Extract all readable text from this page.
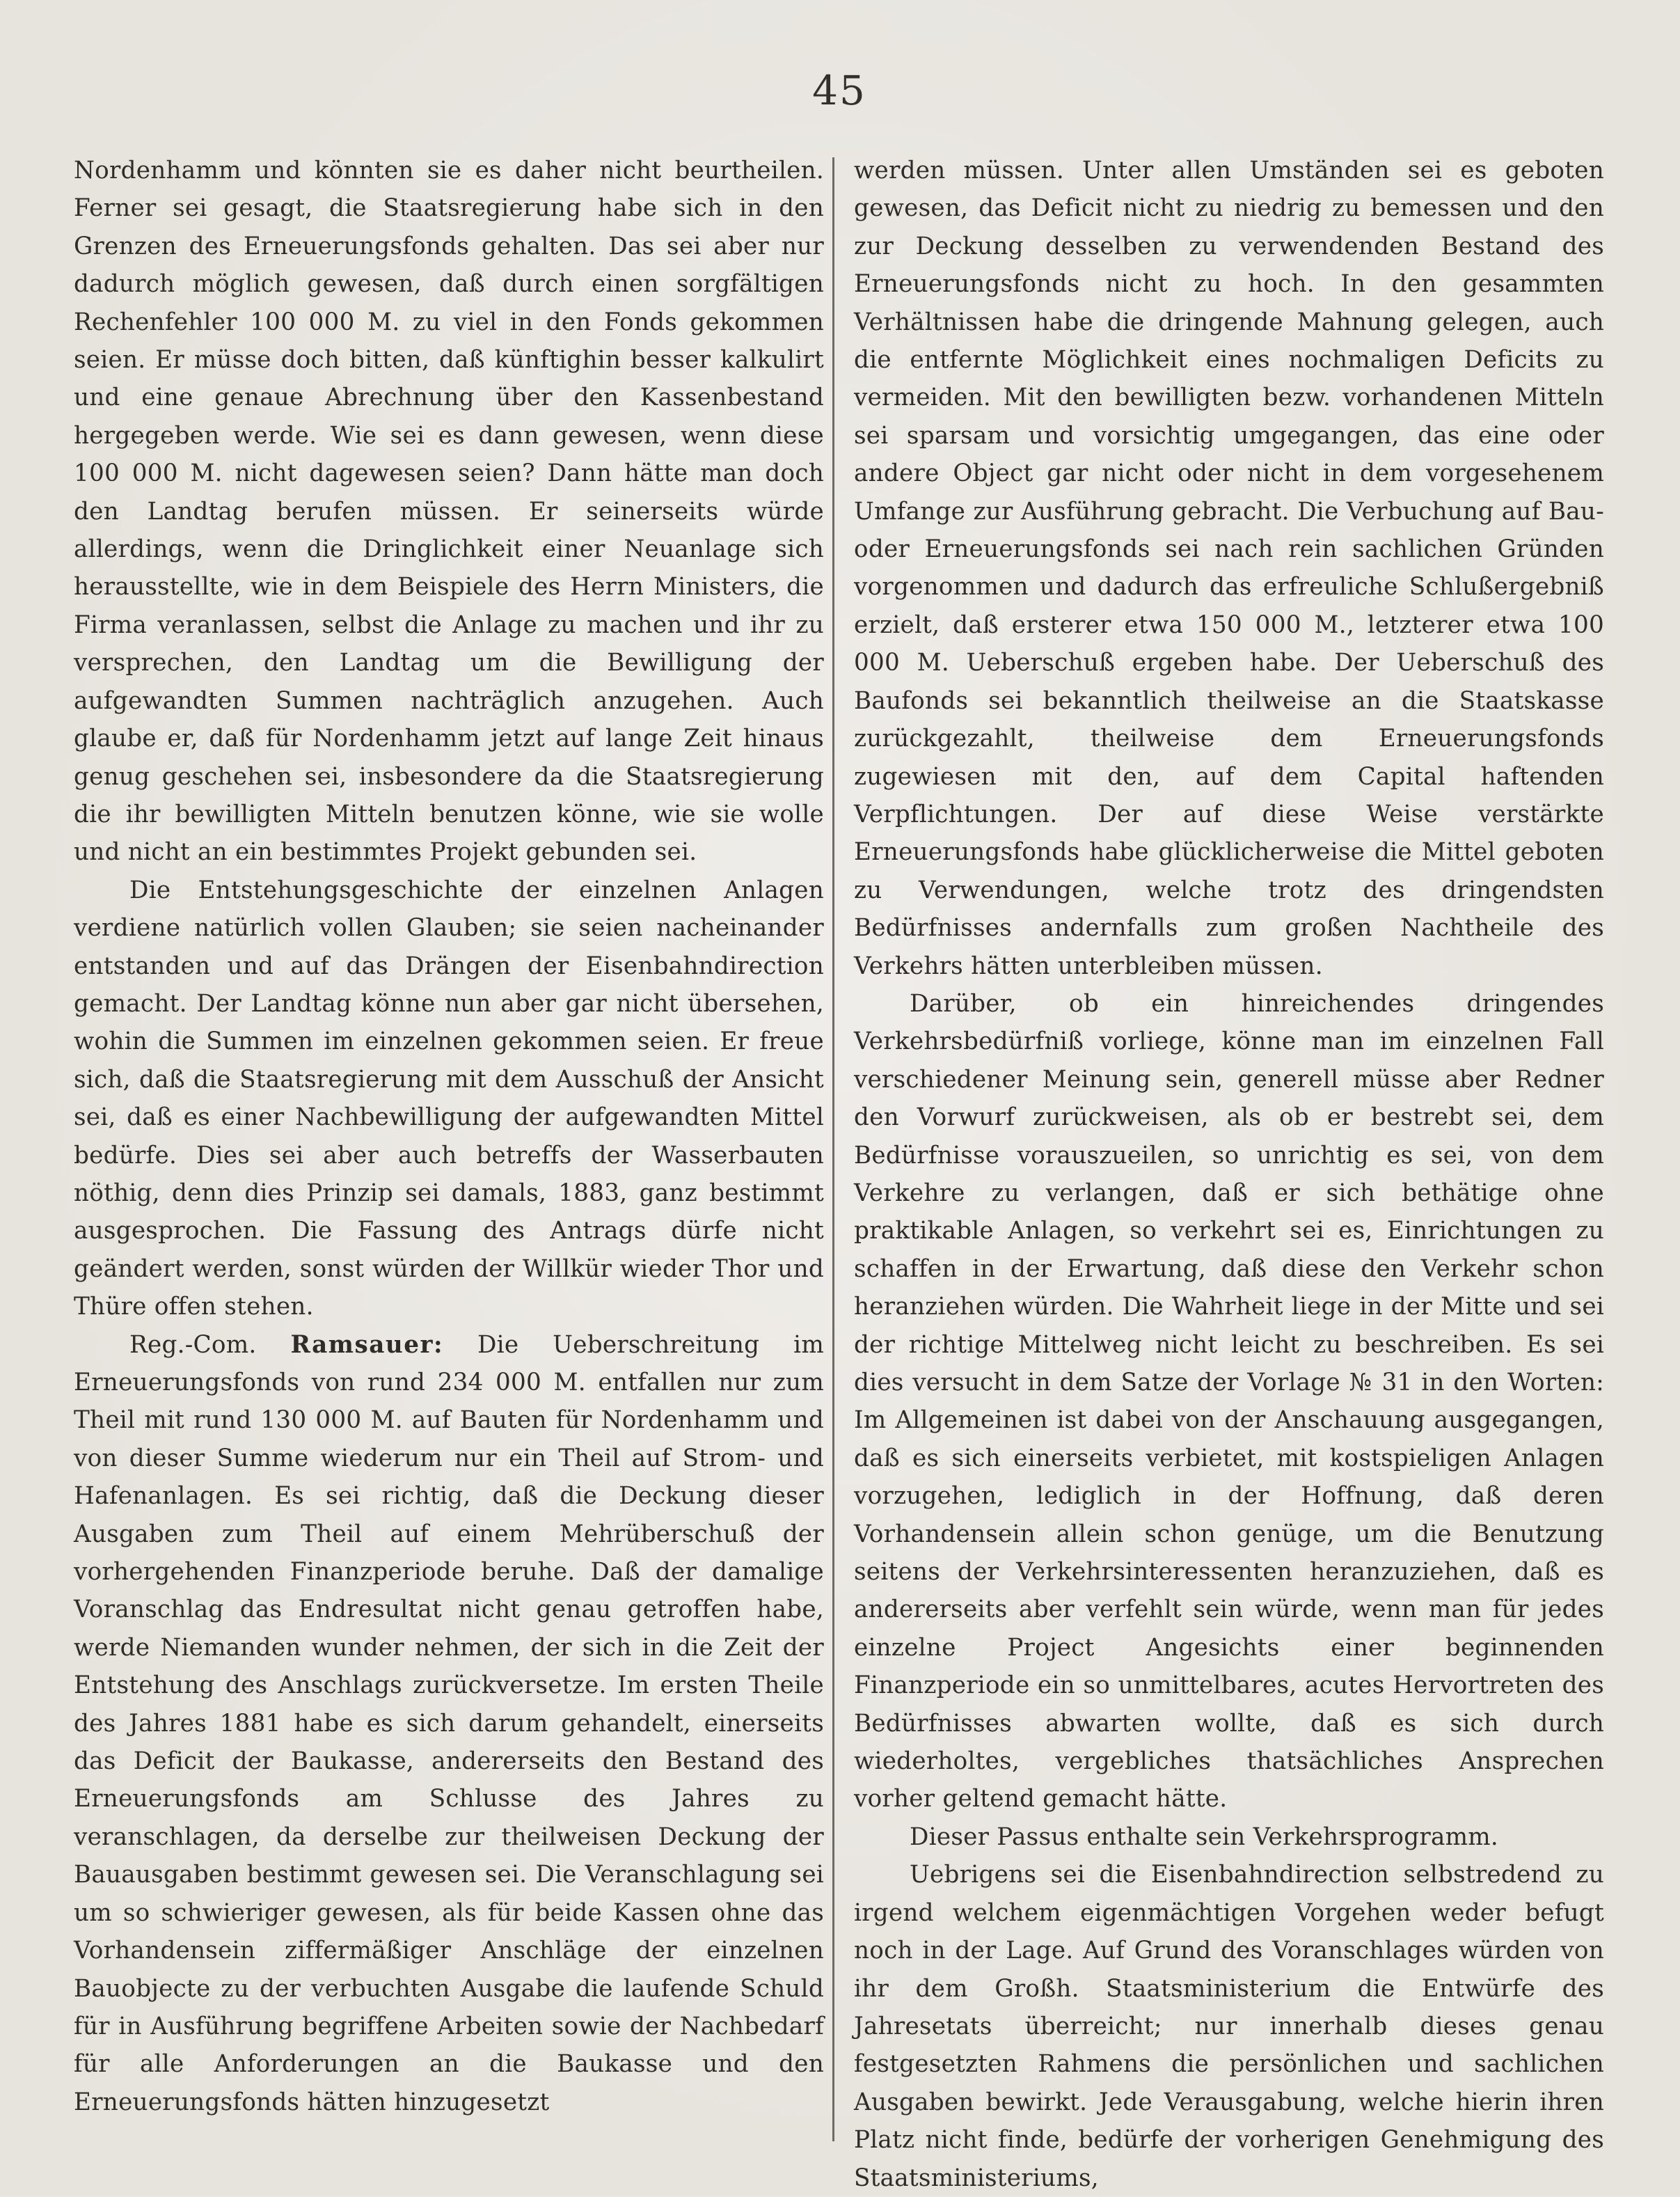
45

Nordenhamm und könnten sie es daher nicht beurtheilen. Ferner sei gesagt, die Staatsregierung habe sich in den Grenzen des Erneuerungsfonds gehalten. Das sei aber nur dadurch möglich gewesen, daß durch einen sorgfältigen Rechenfehler 100 000 M. zu viel in den Fonds gekommen seien. Er müsse doch bitten, daß künftighin besser kalkulirt und eine genaue Abrechnung über den Kassenbestand hergegeben werde. Wie sei es dann gewesen, wenn diese 100 000 M. nicht dagewesen seien? Dann hätte man doch den Landtag berufen müssen. Er seinerseits würde allerdings, wenn die Dringlichkeit einer Neuanlage sich herausstellte, wie in dem Beispiele des Herrn Ministers, die Firma veranlassen, selbst die Anlage zu machen und ihr zu versprechen, den Landtag um die Bewilligung der aufgewandten Summen nachträglich anzugehen. Auch glaube er, daß für Nordenhamm jetzt auf lange Zeit hinaus genug geschehen sei, insbesondere da die Staatsregierung die ihr bewilligten Mitteln benutzen könne, wie sie wolle und nicht an ein bestimmtes Projekt gebunden sei.

Die Entstehungsgeschichte der einzelnen Anlagen verdiene natürlich vollen Glauben; sie seien nacheinander entstanden und auf das Drängen der Eisenbahndirection gemacht. Der Landtag könne nun aber gar nicht übersehen, wohin die Summen im einzelnen gekommen seien. Er freue sich, daß die Staatsregierung mit dem Ausschuß der Ansicht sei, daß es einer Nachbewilligung der aufgewandten Mittel bedürfe. Dies sei aber auch betreffs der Wasserbauten nöthig, denn dies Prinzip sei damals, 1883, ganz bestimmt ausgesprochen. Die Fassung des Antrags dürfe nicht geändert werden, sonst würden der Willkür wieder Thor und Thüre offen stehen.

Reg.-Com. Ramsauer: Die Ueberschreitung im Erneuerungsfonds von rund 234 000 M. entfallen nur zum Theil mit rund 130 000 M. auf Bauten für Nordenhamm und von dieser Summe wiederum nur ein Theil auf Strom- und Hafenanlagen. Es sei richtig, daß die Deckung dieser Ausgaben zum Theil auf einem Mehrüberschuß der vorhergehenden Finanzperiode beruhe. Daß der damalige Voranschlag das Endresultat nicht genau getroffen habe, werde Niemanden wunder nehmen, der sich in die Zeit der Entstehung des Anschlags zurückversetze. Im ersten Theile des Jahres 1881 habe es sich darum gehandelt, einerseits das Deficit der Baukasse, andererseits den Bestand des Erneuerungsfonds am Schlusse des Jahres zu veranschlagen, da derselbe zur theilweisen Deckung der Bauausgaben bestimmt gewesen sei. Die Veranschlagung sei um so schwieriger gewesen, als für beide Kassen ohne das Vorhandensein ziffermäßiger Anschläge der einzelnen Bauobjecte zu der verbuchten Ausgabe die laufende Schuld für in Ausführung begriffene Arbeiten sowie der Nachbedarf für alle Anforderungen an die Baukasse und den Erneuerungsfonds hätten hinzugesetzt

werden müssen. Unter allen Umständen sei es geboten gewesen, das Deficit nicht zu niedrig zu bemessen und den zur Deckung desselben zu verwendenden Bestand des Erneuerungsfonds nicht zu hoch. In den gesammten Verhältnissen habe die dringende Mahnung gelegen, auch die entfernte Möglichkeit eines nochmaligen Deficits zu vermeiden. Mit den bewilligten bezw. vorhandenen Mitteln sei sparsam und vorsichtig umgegangen, das eine oder andere Object gar nicht oder nicht in dem vorgesehenem Umfange zur Ausführung gebracht. Die Verbuchung auf Bau- oder Erneuerungsfonds sei nach rein sachlichen Gründen vorgenommen und dadurch das erfreuliche Schlußergebniß erzielt, daß ersterer etwa 150 000 M., letzterer etwa 100 000 M. Ueberschuß ergeben habe. Der Ueberschuß des Baufonds sei bekanntlich theilweise an die Staatskasse zurückgezahlt, theilweise dem Erneuerungsfonds zugewiesen mit den, auf dem Capital haftenden Verpflichtungen. Der auf diese Weise verstärkte Erneuerungsfonds habe glücklicherweise die Mittel geboten zu Verwendungen, welche trotz des dringendsten Bedürfnisses andernfalls zum großen Nachtheile des Verkehrs hätten unterbleiben müssen.

Darüber, ob ein hinreichendes dringendes Verkehrsbedürfniß vorliege, könne man im einzelnen Fall verschiedener Meinung sein, generell müsse aber Redner den Vorwurf zurückweisen, als ob er bestrebt sei, dem Bedürfnisse vorauszueilen, so unrichtig es sei, von dem Verkehre zu verlangen, daß er sich bethätige ohne praktikable Anlagen, so verkehrt sei es, Einrichtungen zu schaffen in der Erwartung, daß diese den Verkehr schon heranziehen würden. Die Wahrheit liege in der Mitte und sei der richtige Mittelweg nicht leicht zu beschreiben. Es sei dies versucht in dem Satze der Vorlage № 31 in den Worten: Im Allgemeinen ist dabei von der Anschauung ausgegangen, daß es sich einerseits verbietet, mit kostspieligen Anlagen vorzugehen, lediglich in der Hoffnung, daß deren Vorhandensein allein schon genüge, um die Benutzung seitens der Verkehrsinteressenten heranzuziehen, daß es andererseits aber verfehlt sein würde, wenn man für jedes einzelne Project Angesichts einer beginnenden Finanzperiode ein so unmittelbares, acutes Hervortreten des Bedürfnisses abwarten wollte, daß es sich durch wiederholtes, vergebliches thatsächliches Ansprechen vorher geltend gemacht hätte.

Dieser Passus enthalte sein Verkehrsprogramm.

Uebrigens sei die Eisenbahndirection selbstredend zu irgend welchem eigenmächtigen Vorgehen weder befugt noch in der Lage. Auf Grund des Voranschlages würden von ihr dem Großh. Staatsministerium die Entwürfe des Jahresetats überreicht; nur innerhalb dieses genau festgesetzten Rahmens die persönlichen und sachlichen Ausgaben bewirkt. Jede Verausgabung, welche hierin ihren Platz nicht finde, bedürfe der vorherigen Genehmigung des Staatsministeriums,
